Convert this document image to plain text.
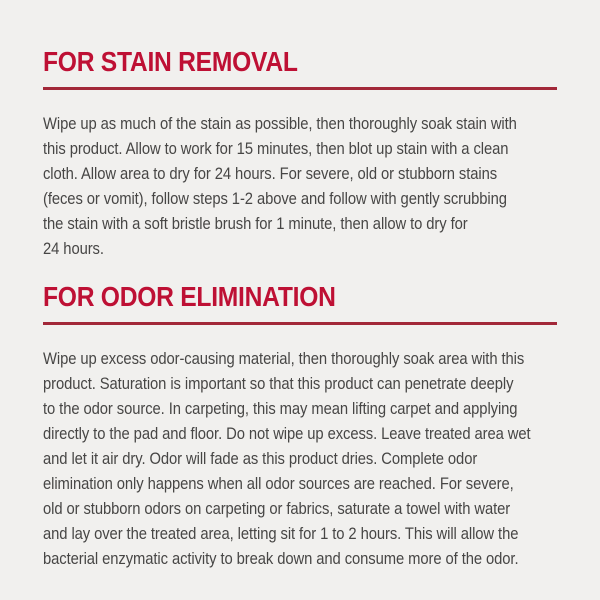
FOR STAIN REMOVAL
Wipe up as much of the stain as possible, then thoroughly soak stain with
this product. Allow to work for 15 minutes, then blot up stain with a clean
cloth. Allow area to dry for 24 hours. For severe, old or stubborn stains
(feces or vomit), follow steps 1-2 above and follow with gently scrubbing
the stain with a soft bristle brush for 1 minute, then allow to dry for
24 hours.
FOR ODOR ELIMINATION
Wipe up excess odor-causing material, then thoroughly soak area with this
product. Saturation is important so that this product can penetrate deeply
to the odor source. In carpeting, this may mean lifting carpet and applying
directly to the pad and floor. Do not wipe up excess. Leave treated area wet
and let it air dry. Odor will fade as this product dries. Complete odor
elimination only happens when all odor sources are reached. For severe,
old or stubborn odors on carpeting or fabrics, saturate a towel with water
and lay over the treated area, letting sit for 1 to 2 hours. This will allow the
bacterial enzymatic activity to break down and consume more of the odor.
